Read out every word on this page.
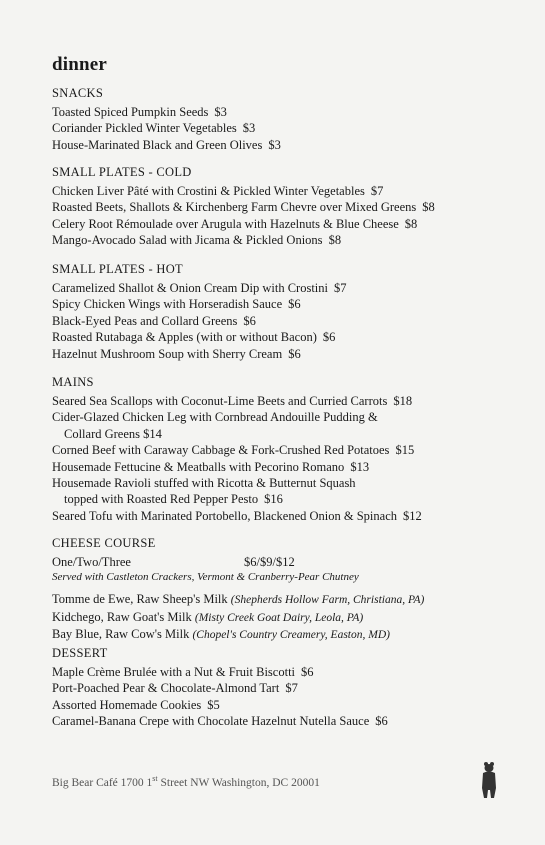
dinner
SNACKS
Toasted Spiced Pumpkin Seeds $3
Coriander Pickled Winter Vegetables $3
House-Marinated Black and Green Olives $3
SMALL PLATES - COLD
Chicken Liver Pâté with Crostini & Pickled Winter Vegetables $7
Roasted Beets, Shallots & Kirchenberg Farm Chevre over Mixed Greens $8
Celery Root Rémoulade over Arugula with Hazelnuts & Blue Cheese $8
Mango-Avocado Salad with Jicama & Pickled Onions $8
SMALL PLATES - HOT
Caramelized Shallot & Onion Cream Dip with Crostini $7
Spicy Chicken Wings with Horseradish Sauce $6
Black-Eyed Peas and Collard Greens $6
Roasted Rutabaga & Apples (with or without Bacon) $6
Hazelnut Mushroom Soup with Sherry Cream $6
MAINS
Seared Sea Scallops with Coconut-Lime Beets and Curried Carrots $18
Cider-Glazed Chicken Leg with Cornbread Andouille Pudding &
Collard Greens $14
Corned Beef with Caraway Cabbage & Fork-Crushed Red Potatoes $15
Housemade Fettucine & Meatballs with Pecorino Romano $13
Housemade Ravioli stuffed with Ricotta & Butternut Squash
topped with Roasted Red Pepper Pesto $16
Seared Tofu with Marinated Portobello, Blackened Onion & Spinach $12
CHEESE COURSE
One/Two/Three	$6/$9/$12
Served with Castleton Crackers, Vermont & Cranberry-Pear Chutney
Tomme de Ewe, Raw Sheep's Milk (Shepherds Hollow Farm, Christiana, PA)
Kidchego, Raw Goat's Milk (Misty Creek Goat Dairy, Leola, PA)
Bay Blue, Raw Cow's Milk (Chopel's Country Creamery, Easton, MD)
DESSERT
Maple Crème Brulée with a Nut & Fruit Biscotti $6
Port-Poached Pear & Chocolate-Almond Tart $7
Assorted Homemade Cookies $5
Caramel-Banana Crepe with Chocolate Hazelnut Nutella Sauce $6
Big Bear Café 1700 1st Street NW Washington, DC 20001
